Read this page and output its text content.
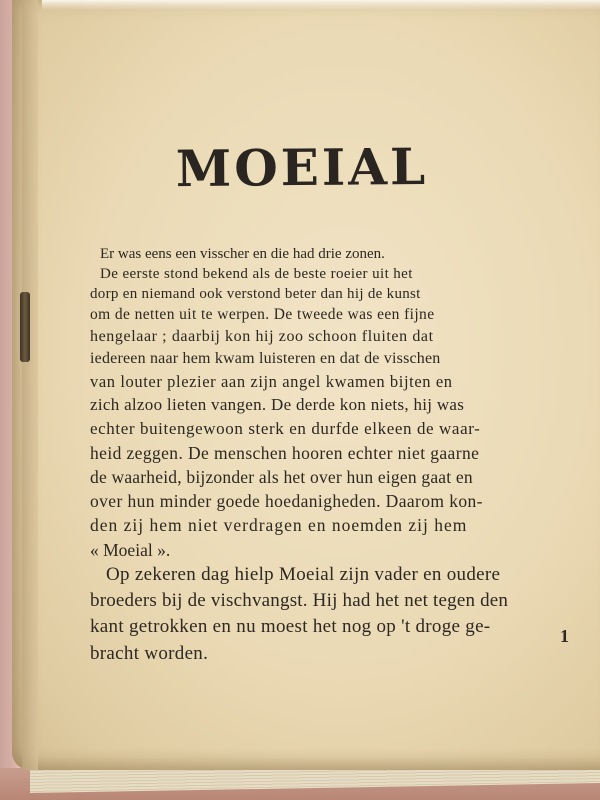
MOEIAL
Er was eens een visscher en die had drie zonen.
De eerste stond bekend als de beste roeier uit het
dorp en niemand ook verstond beter dan hij de kunst
om de netten uit te werpen. De tweede was een fijne
hengelaar ; daarbij kon hij zoo schoon fluiten dat
iedereen naar hem kwam luisteren en dat de visschen
van louter plezier aan zijn angel kwamen bijten en
zich alzoo lieten vangen. De derde kon niets, hij was
echter buitengewoon sterk en durfde elkeen de waar-
heid zeggen. De menschen hooren echter niet gaarne
de waarheid, bijzonder als het over hun eigen gaat en
over hun minder goede hoedanigheden. Daarom kon-
den zij hem niet verdragen en noemden zij hem
« Moeial ».
Op zekeren dag hielp Moeial zijn vader en oudere
broeders bij de vischvangst. Hij had het net tegen den
kant getrokken en nu moest het nog op 't droge ge-
bracht worden.
1
